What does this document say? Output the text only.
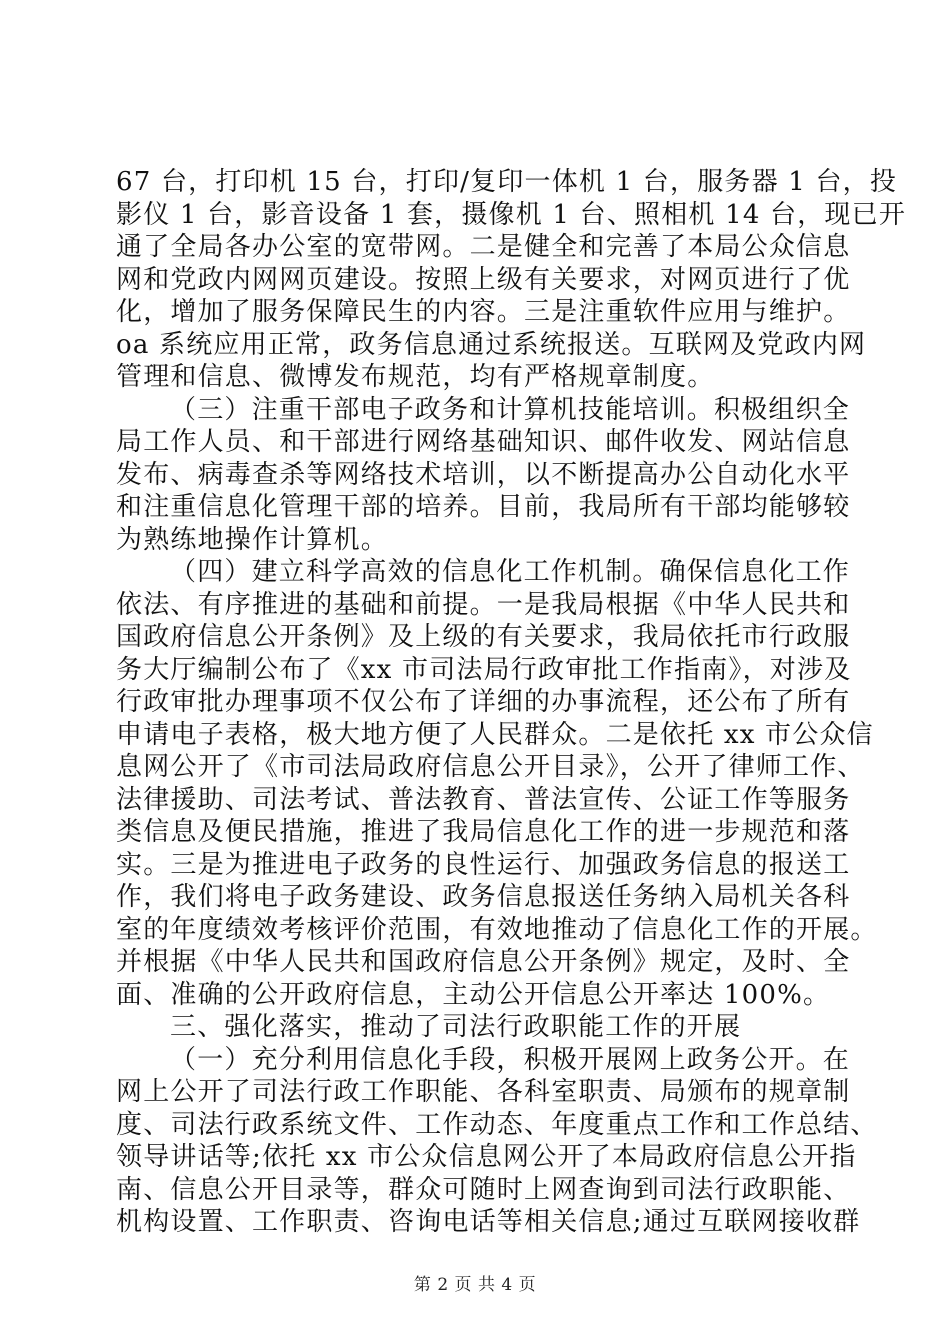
67 台，打印机 15 台，打印/复印一体机 1 台，服务器 1 台，投
影仪 1 台，影音设备 1 套，摄像机 1 台、照相机 14 台，现已开
通了全局各办公室的宽带网。二是健全和完善了本局公众信息
网和党政内网网页建设。按照上级有关要求，对网页进行了优
化，增加了服务保障民生的内容。三是注重软件应用与维护。
oa 系统应用正常，政务信息通过系统报送。互联网及党政内网
管理和信息、微博发布规范，均有严格规章制度。

（三）注重干部电子政务和计算机技能培训。积极组织全
局工作人员、和干部进行网络基础知识、邮件收发、网站信息
发布、病毒查杀等网络技术培训，以不断提高办公自动化水平
和注重信息化管理干部的培养。目前，我局所有干部均能够较
为熟练地操作计算机。

（四）建立科学高效的信息化工作机制。确保信息化工作
依法、有序推进的基础和前提。一是我局根据《中华人民共和
国政府信息公开条例》及上级的有关要求，我局依托市行政服
务大厅编制公布了《xx 市司法局行政审批工作指南》，对涉及
行政审批办理事项不仅公布了详细的办事流程，还公布了所有
申请电子表格，极大地方便了人民群众。二是依托 xx 市公众信
息网公开了《市司法局政府信息公开目录》，公开了律师工作、
法律援助、司法考试、普法教育、普法宣传、公证工作等服务
类信息及便民措施，推进了我局信息化工作的进一步规范和落
实。三是为推进电子政务的良性运行、加强政务信息的报送工
作，我们将电子政务建设、政务信息报送任务纳入局机关各科
室的年度绩效考核评价范围，有效地推动了信息化工作的开展。
并根据《中华人民共和国政府信息公开条例》规定，及时、全
面、准确的公开政府信息，主动公开信息公开率达 100%。

三、强化落实，推动了司法行政职能工作的开展

（一）充分利用信息化手段，积极开展网上政务公开。在
网上公开了司法行政工作职能、各科室职责、局颁布的规章制
度、司法行政系统文件、工作动态、年度重点工作和工作总结、
领导讲话等;依托 xx 市公众信息网公开了本局政府信息公开指
南、信息公开目录等，群众可随时上网查询到司法行政职能、
机构设置、工作职责、咨询电话等相关信息;通过互联网接收群

第 2 页 共 4 页
